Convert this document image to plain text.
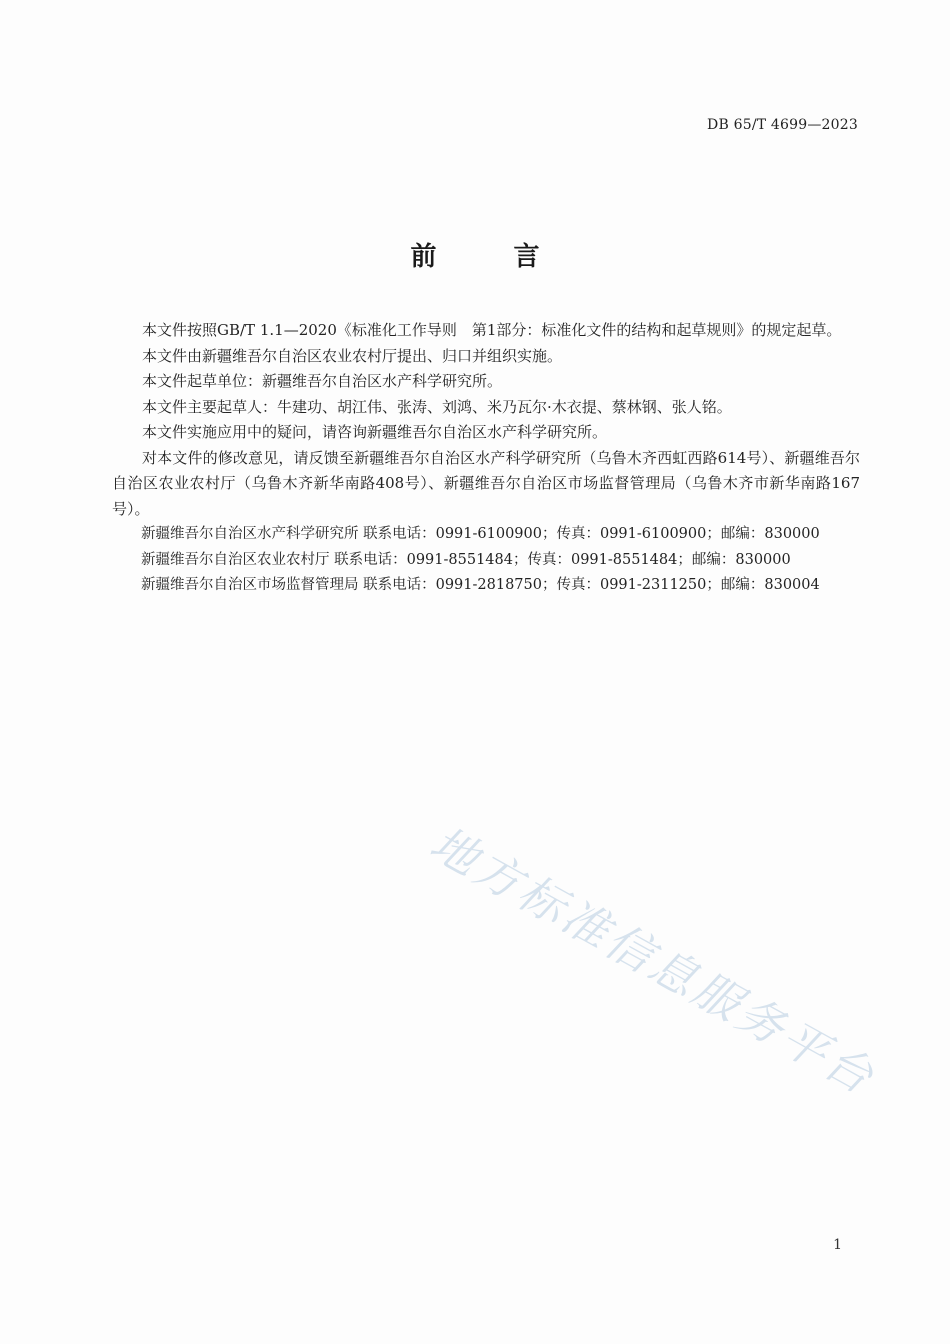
DB 65/T 4699—2023
前 言

本文件按照GB/T 1.1—2020《标准化工作导则　第1部分：标准化文件的结构和起草规则》的规定起草。

本文件由新疆维吾尔自治区农业农村厅提出、归口并组织实施。

本文件起草单位：新疆维吾尔自治区水产科学研究所。

本文件主要起草人：牛建功、胡江伟、张涛、刘鸿、米乃瓦尔·木衣提、蔡林钢、张人铭。

本文件实施应用中的疑问，请咨询新疆维吾尔自治区水产科学研究所。

对本文件的修改意见，请反馈至新疆维吾尔自治区水产科学研究所（乌鲁木齐西虹西路614号）、新疆维吾尔自治区农业农村厅（乌鲁木齐新华南路408号）、新疆维吾尔自治区市场监督管理局（乌鲁木齐市新华南路167号）。

新疆维吾尔自治区水产科学研究所 联系电话：0991-6100900；传真：0991-6100900；邮编：830000

新疆维吾尔自治区农业农村厅 联系电话：0991-8551484；传真：0991-8551484；邮编：830000

新疆维吾尔自治区市场监督管理局 联系电话：0991-2818750；传真：0991-2311250；邮编：830004

地方标准信息服务平台
1
